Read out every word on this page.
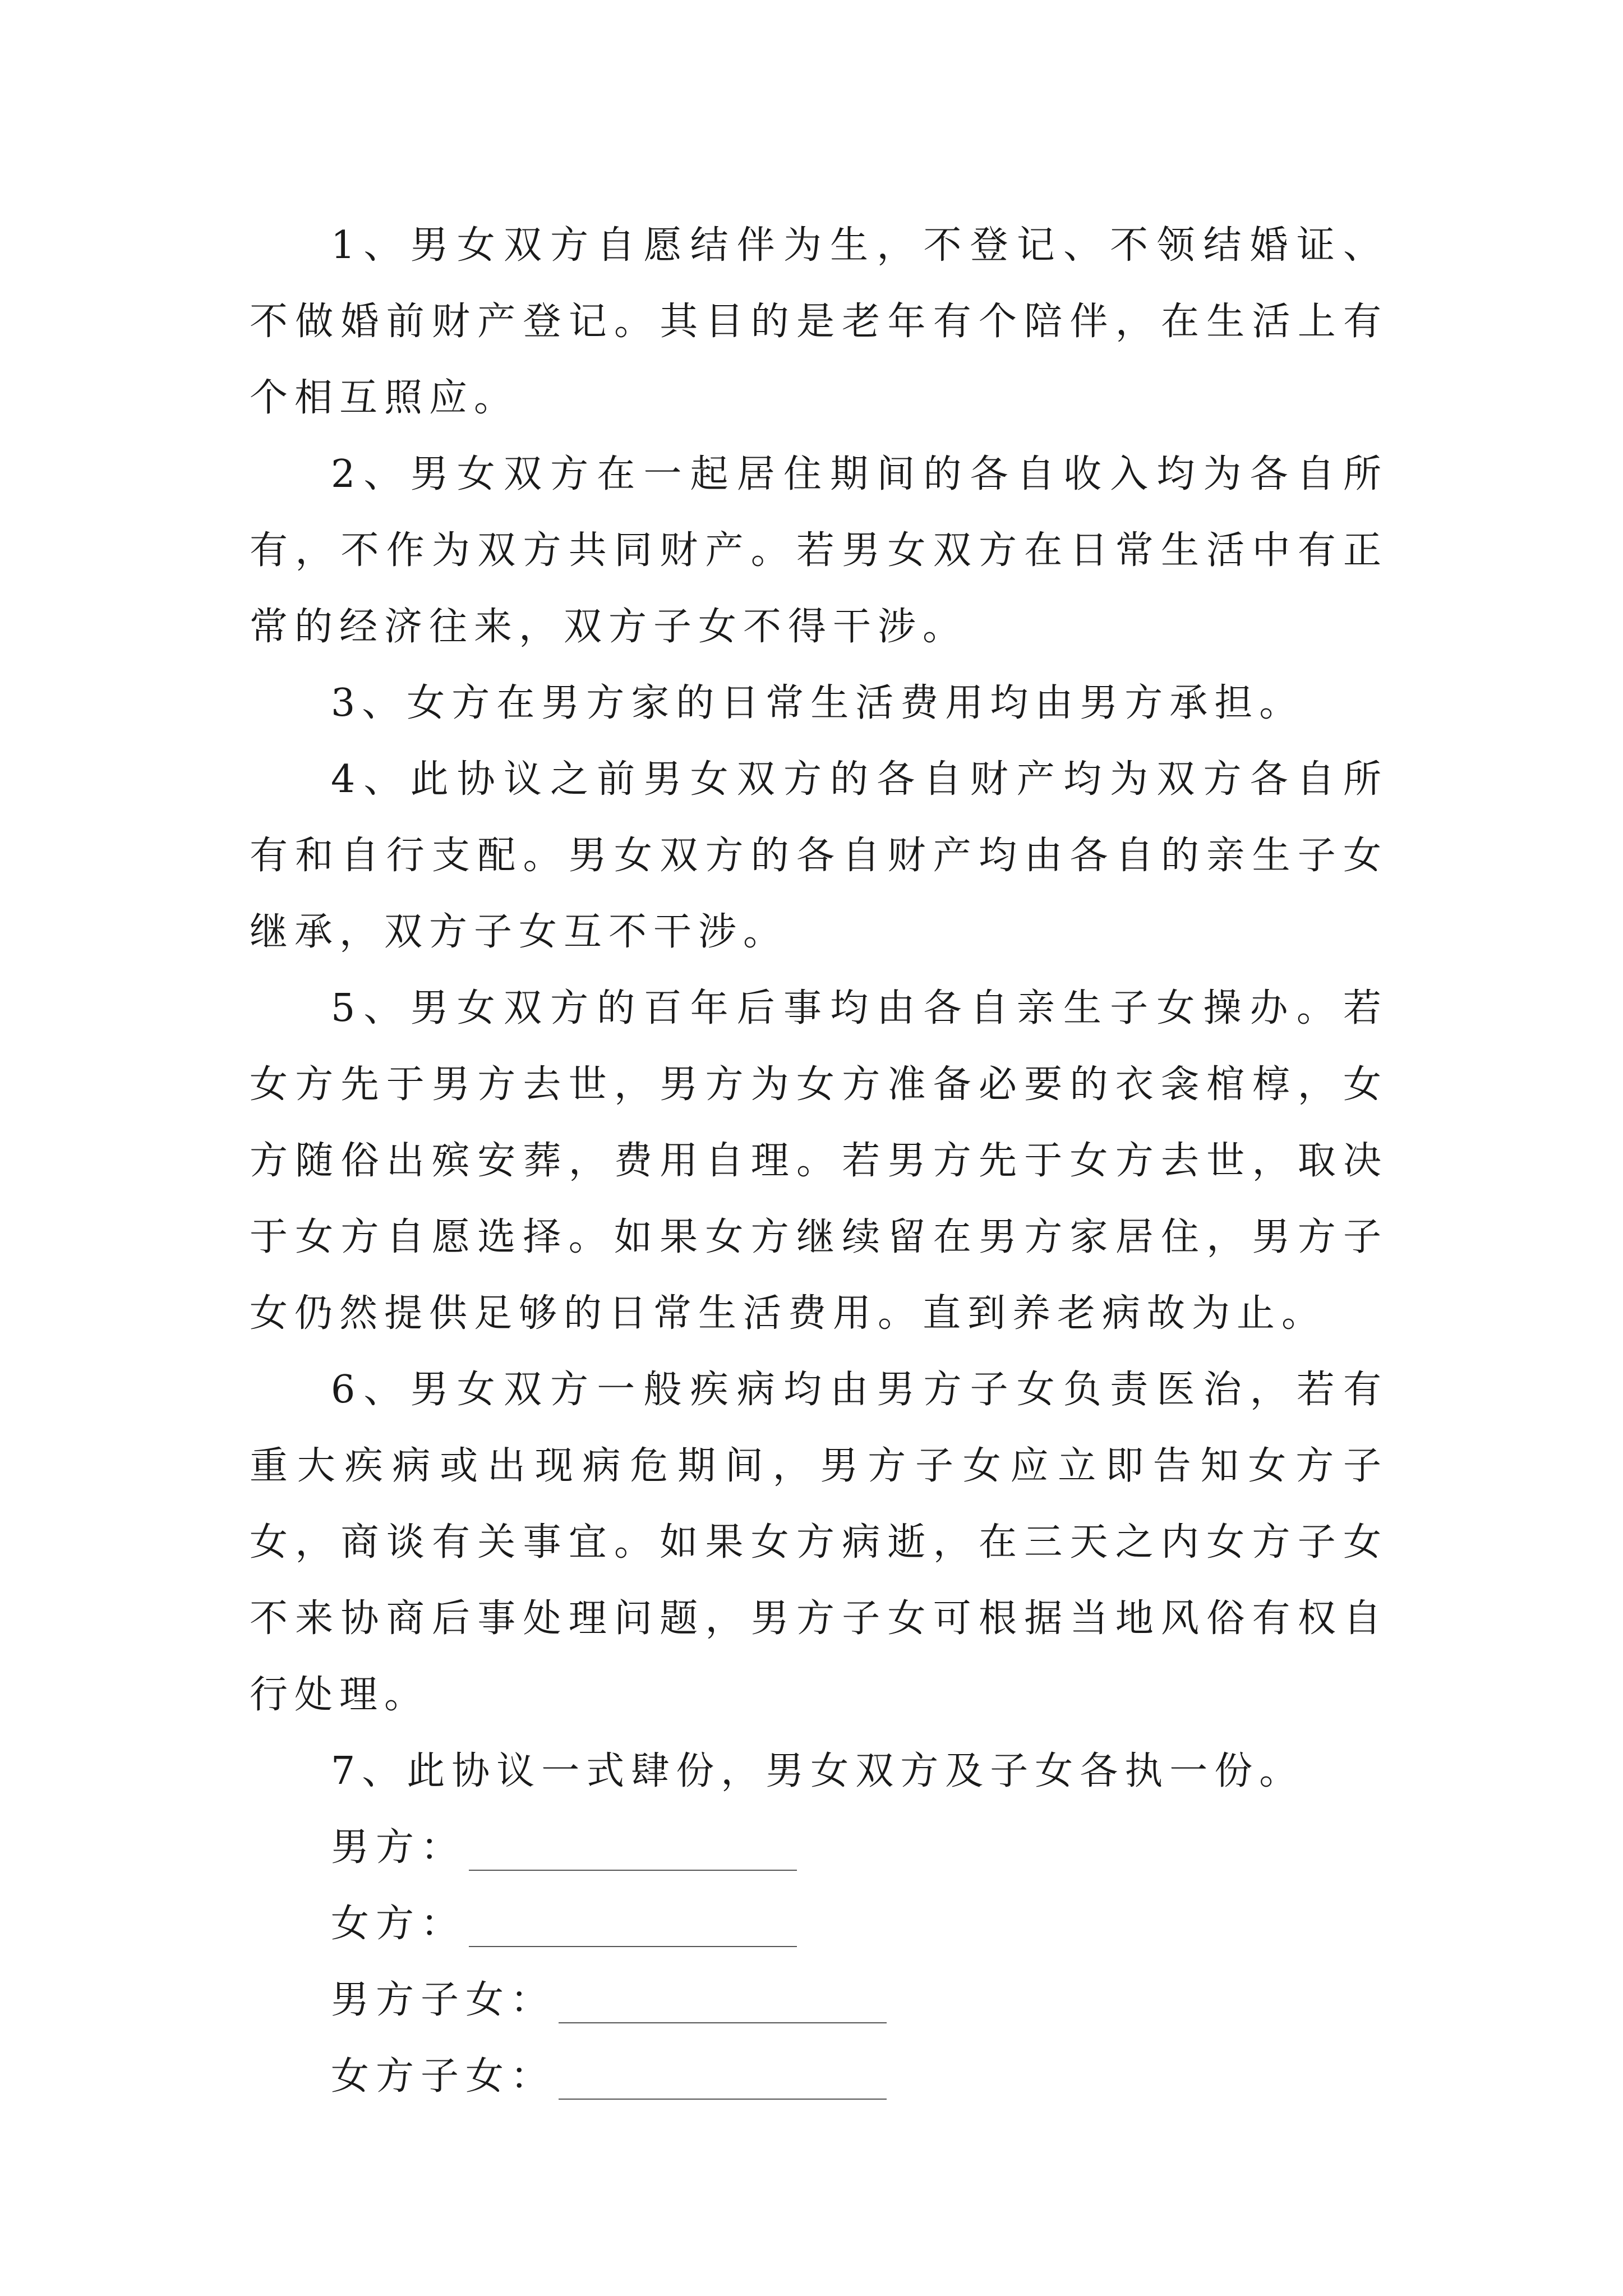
1、男女双方自愿结伴为生，不登记、不领结婚证、不做婚前财产登记。其目的是老年有个陪伴，在生活上有个相互照应。

2、男女双方在一起居住期间的各自收入均为各自所有，不作为双方共同财产。若男女双方在日常生活中有正常的经济往来，双方子女不得干涉。

3、女方在男方家的日常生活费用均由男方承担。

4、此协议之前男女双方的各自财产均为双方各自所有和自行支配。男女双方的各自财产均由各自的亲生子女继承，双方子女互不干涉。

5、男女双方的百年后事均由各自亲生子女操办。若女方先于男方去世，男方为女方准备必要的衣衾棺椁，女方随俗出殡安葬，费用自理。若男方先于女方去世，取决于女方自愿选择。如果女方继续留在男方家居住，男方子女仍然提供足够的日常生活费用。直到养老病故为止。

6、男女双方一般疾病均由男方子女负责医治，若有重大疾病或出现病危期间，男方子女应立即告知女方子女，商谈有关事宜。如果女方病逝，在三天之内女方子女不来协商后事处理问题，男方子女可根据当地风俗有权自行处理。

7、此协议一式肆份，男女双方及子女各执一份。

男方：
女方：
男方子女：
女方子女：
